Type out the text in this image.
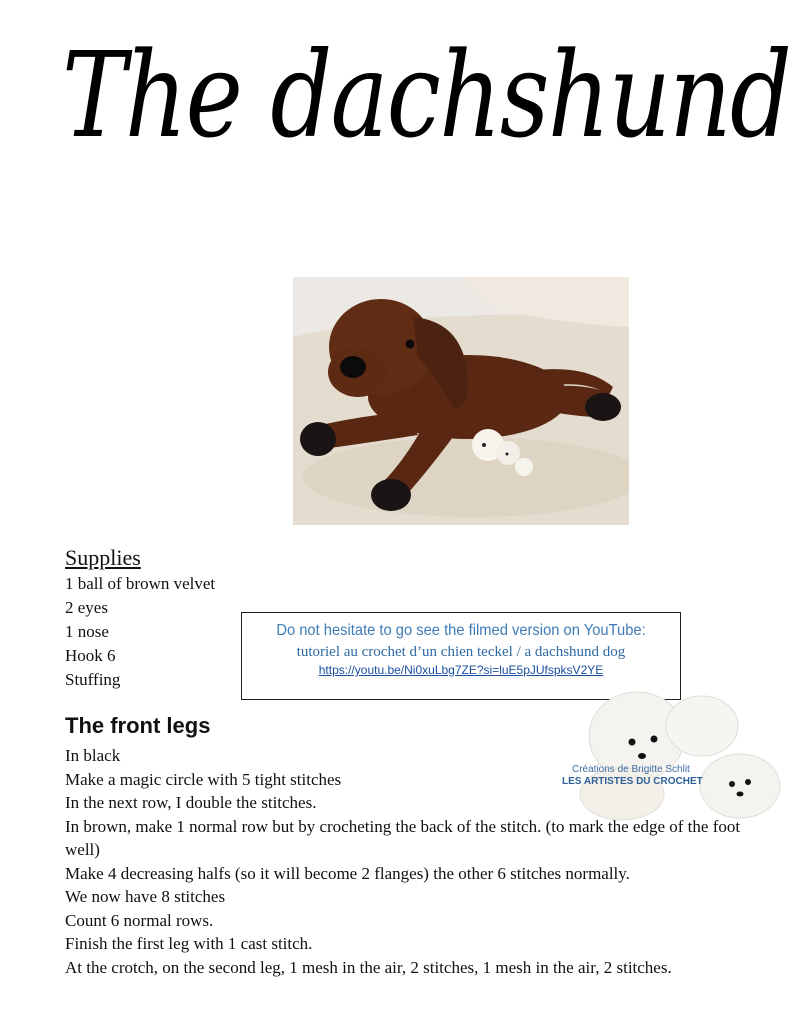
The dachshund
Supplies
1 ball of brown velvet
2 eyes
1 nose
Hook 6
Stuffing
Do not hesitate to go see the filmed version on YouTube:
tutoriel au crochet d’un chien teckel / a dachshund dog
https://youtu.be/Ni0xuLbg7ZE?si=luE5pJUfspksV2YE
Créations de Brigitte Schlit
LES ARTISTES DU CROCHET
The front legs
In black
Make a magic circle with 5 tight stitches
In the next row, I double the stitches.
In brown, make 1 normal row but by crocheting the back of the stitch. (to mark the edge of the foot well)
Make 4 decreasing halfs (so it will become 2 flanges) the other 6 stitches normally.
We now have 8 stitches
Count 6 normal rows.
Finish the first leg with 1 cast stitch.
At the crotch, on the second leg, 1 mesh in the air, 2 stitches, 1 mesh in the air, 2 stitches.
